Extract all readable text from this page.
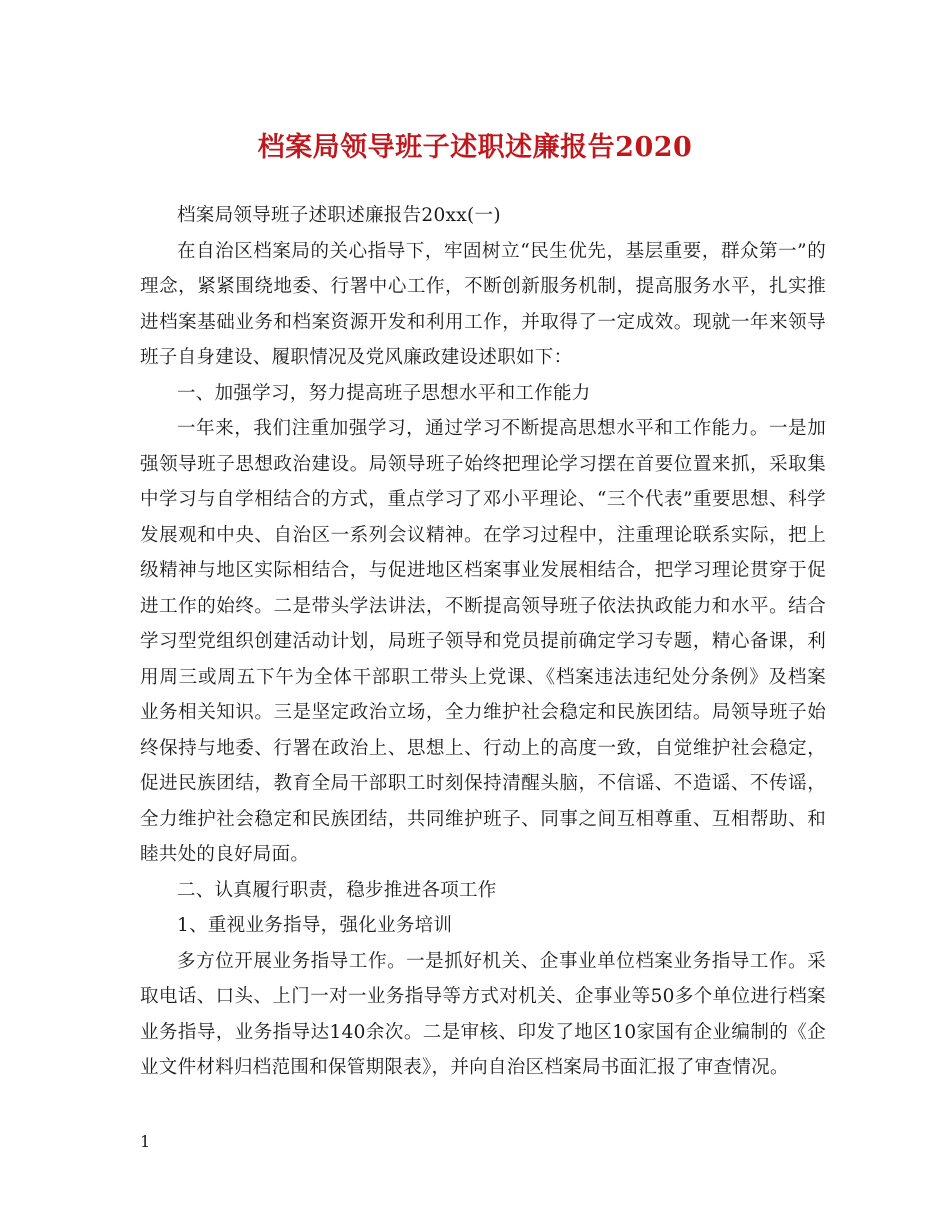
档案局领导班子述职述廉报告2020

档案局领导班子述职述廉报告20xx(一)

在自治区档案局的关心指导下，牢固树立“民生优先，基层重要，群众第一”的理念，紧紧围绕地委、行署中心工作，不断创新服务机制，提高服务水平，扎实推进档案基础业务和档案资源开发和利用工作，并取得了一定成效。现就一年来领导班子自身建设、履职情况及党风廉政建设述职如下：

一、加强学习，努力提高班子思想水平和工作能力

一年来，我们注重加强学习，通过学习不断提高思想水平和工作能力。一是加强领导班子思想政治建设。局领导班子始终把理论学习摆在首要位置来抓，采取集中学习与自学相结合的方式，重点学习了邓小平理论、“三个代表”重要思想、科学发展观和中央、自治区一系列会议精神。在学习过程中，注重理论联系实际，把上级精神与地区实际相结合，与促进地区档案事业发展相结合，把学习理论贯穿于促进工作的始终。二是带头学法讲法，不断提高领导班子依法执政能力和水平。结合学习型党组织创建活动计划，局班子领导和党员提前确定学习专题，精心备课，利用周三或周五下午为全体干部职工带头上党课、《档案违法违纪处分条例》及档案业务相关知识。三是坚定政治立场，全力维护社会稳定和民族团结。局领导班子始终保持与地委、行署在政治上、思想上、行动上的高度一致，自觉维护社会稳定，促进民族团结，教育全局干部职工时刻保持清醒头脑，不信谣、不造谣、不传谣，全力维护社会稳定和民族团结，共同维护班子、同事之间互相尊重、互相帮助、和睦共处的良好局面。

二、认真履行职责，稳步推进各项工作

1、重视业务指导，强化业务培训

多方位开展业务指导工作。一是抓好机关、企事业单位档案业务指导工作。采取电话、口头、上门一对一业务指导等方式对机关、企事业等50多个单位进行档案业务指导，业务指导达140余次。二是审核、印发了地区10家国有企业编制的《企业文件材料归档范围和保管期限表》，并向自治区档案局书面汇报了审查情况。

1
